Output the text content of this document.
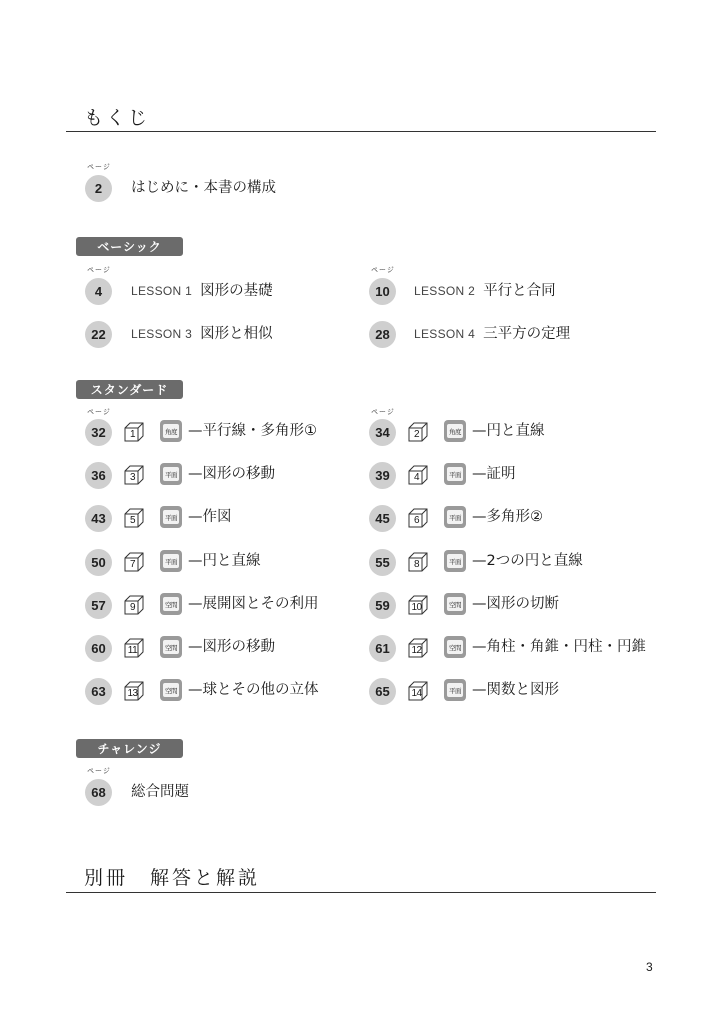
もくじ
ページ
2	はじめに・本書の構成
ベーシック
ページ	ページ
4	LESSON 1 図形の基礎	10	LESSON 2 平行と合同
22	LESSON 3 図形と相似	28	LESSON 4 三平方の定理
スタンダード
ページ	ページ
32	1	角度 —平行線・多角形①	34	2	角度 —円と直線
36	3	平面 —図形の移動	39	4	平面 —証明
43	5	平面 —作図	45	6	平面 —多角形②
50	7	平面 —円と直線	55	8	平面 —2つの円と直線
57	9	空間 —展開図とその利用	59	10	空間 —図形の切断
60	11	空間 —図形の移動	61	12	空間 —角柱・角錐・円柱・円錐
63	13	空間 —球とその他の立体	65	14	平面 —関数と図形
チャレンジ
ページ
68	総合問題
別冊　解答と解説
3
